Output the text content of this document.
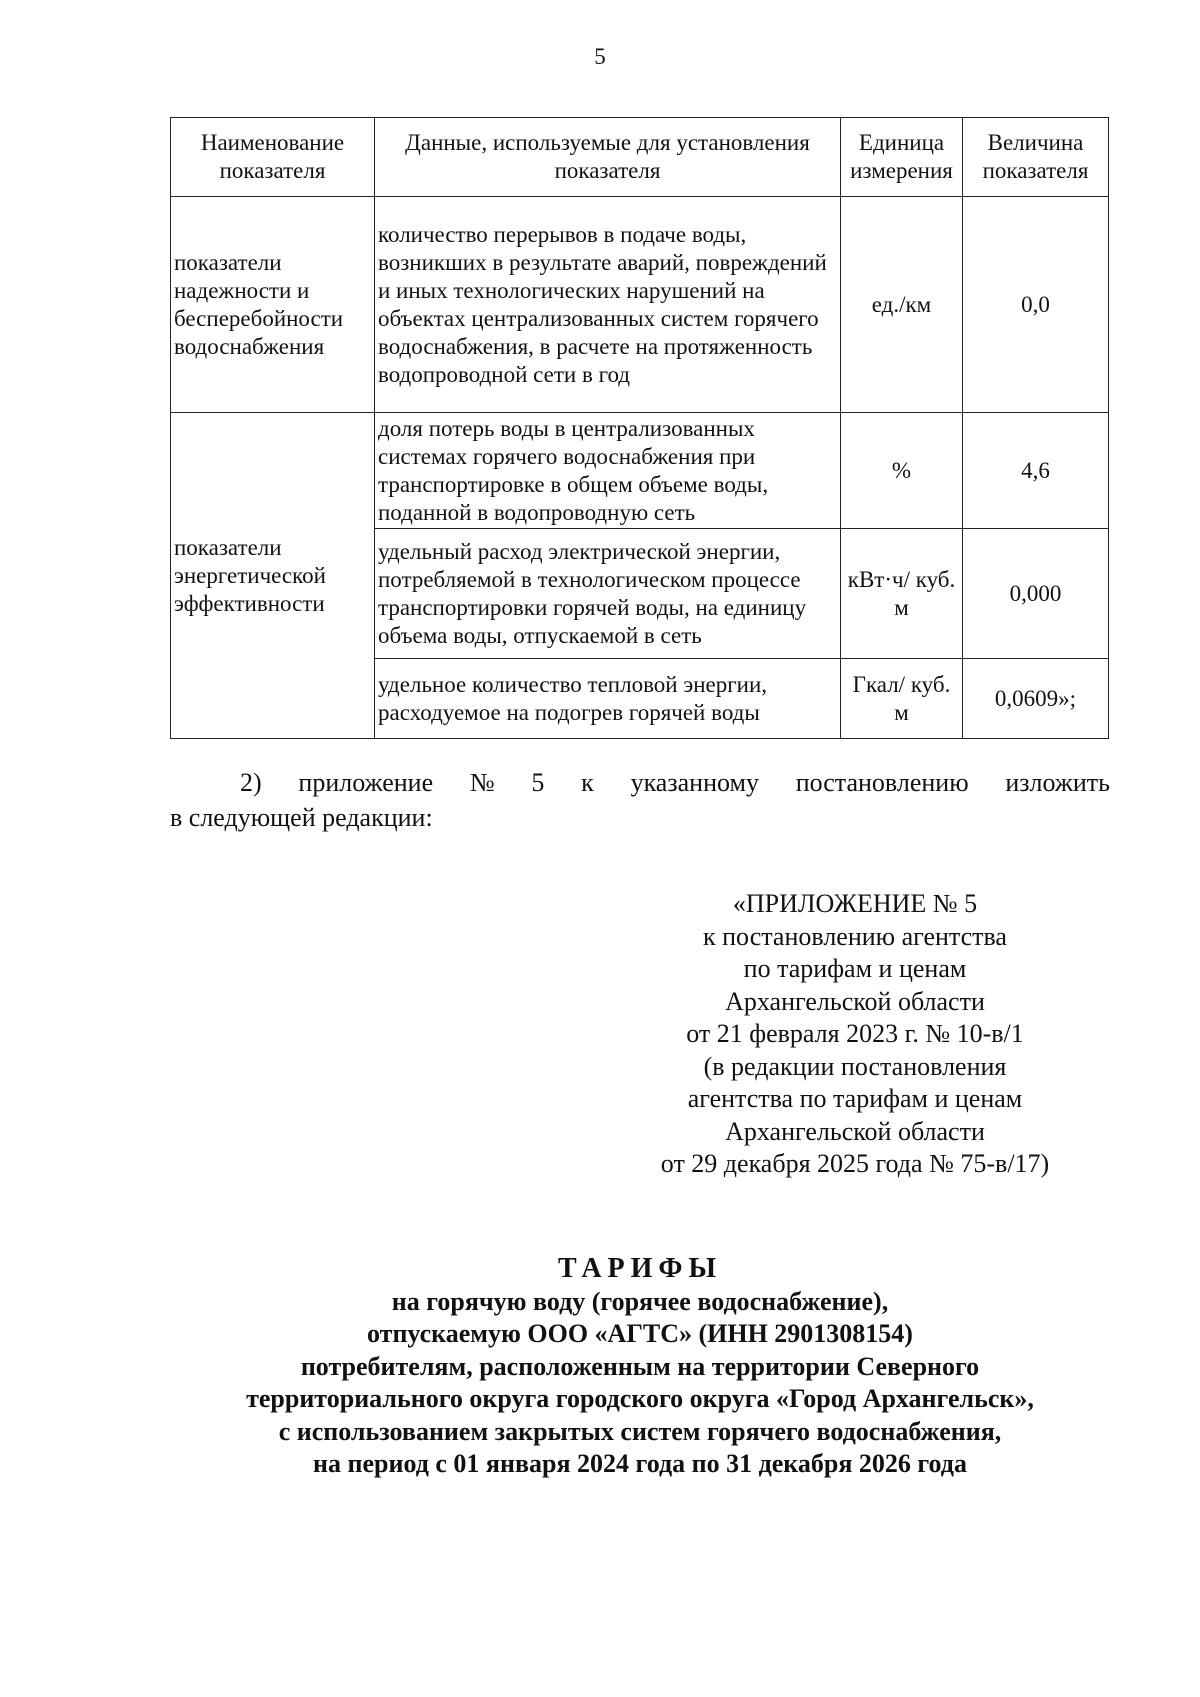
5
Наименование показателя	Данные, используемые для установления показателя	Единица измерения	Величина показателя
показатели надежности и бесперебойности водоснабжения	количество перерывов в подаче воды, возникших в результате аварий, повреждений и иных технологических нарушений на объектах централизованных систем горячего водоснабжения, в расчете на протяженность водопроводной сети в год	ед./км	0,0
показатели энергетической эффективности	доля потерь воды в централизованных системах горячего водоснабжения при транспортировке в общем объеме воды, поданной в водопроводную сеть	%	4,6
	удельный расход электрической энергии, потребляемой в технологическом процессе транспортировки горячей воды, на единицу объема воды, отпускаемой в сеть	кВт·ч/ куб. м	0,000
	удельное количество тепловой энергии, расходуемое на подогрев горячей воды	Гкал/ куб. м	0,0609»;
2) приложение № 5 к указанному постановлению изложить
в следующей редакции:
«ПРИЛОЖЕНИЕ № 5
к постановлению агентства
по тарифам и ценам
Архангельской области
от 21 февраля 2023 г. № 10-в/1
(в редакции постановления
агентства по тарифам и ценам
Архангельской области
от 29 декабря 2025 года № 75-в/17)
ТАРИФЫ
на горячую воду (горячее водоснабжение),
отпускаемую ООО «АГТС» (ИНН 2901308154)
потребителям, расположенным на территории Северного
территориального округа городского округа «Город Архангельск»,
с использованием закрытых систем горячего водоснабжения,
на период с 01 января 2024 года по 31 декабря 2026 года
